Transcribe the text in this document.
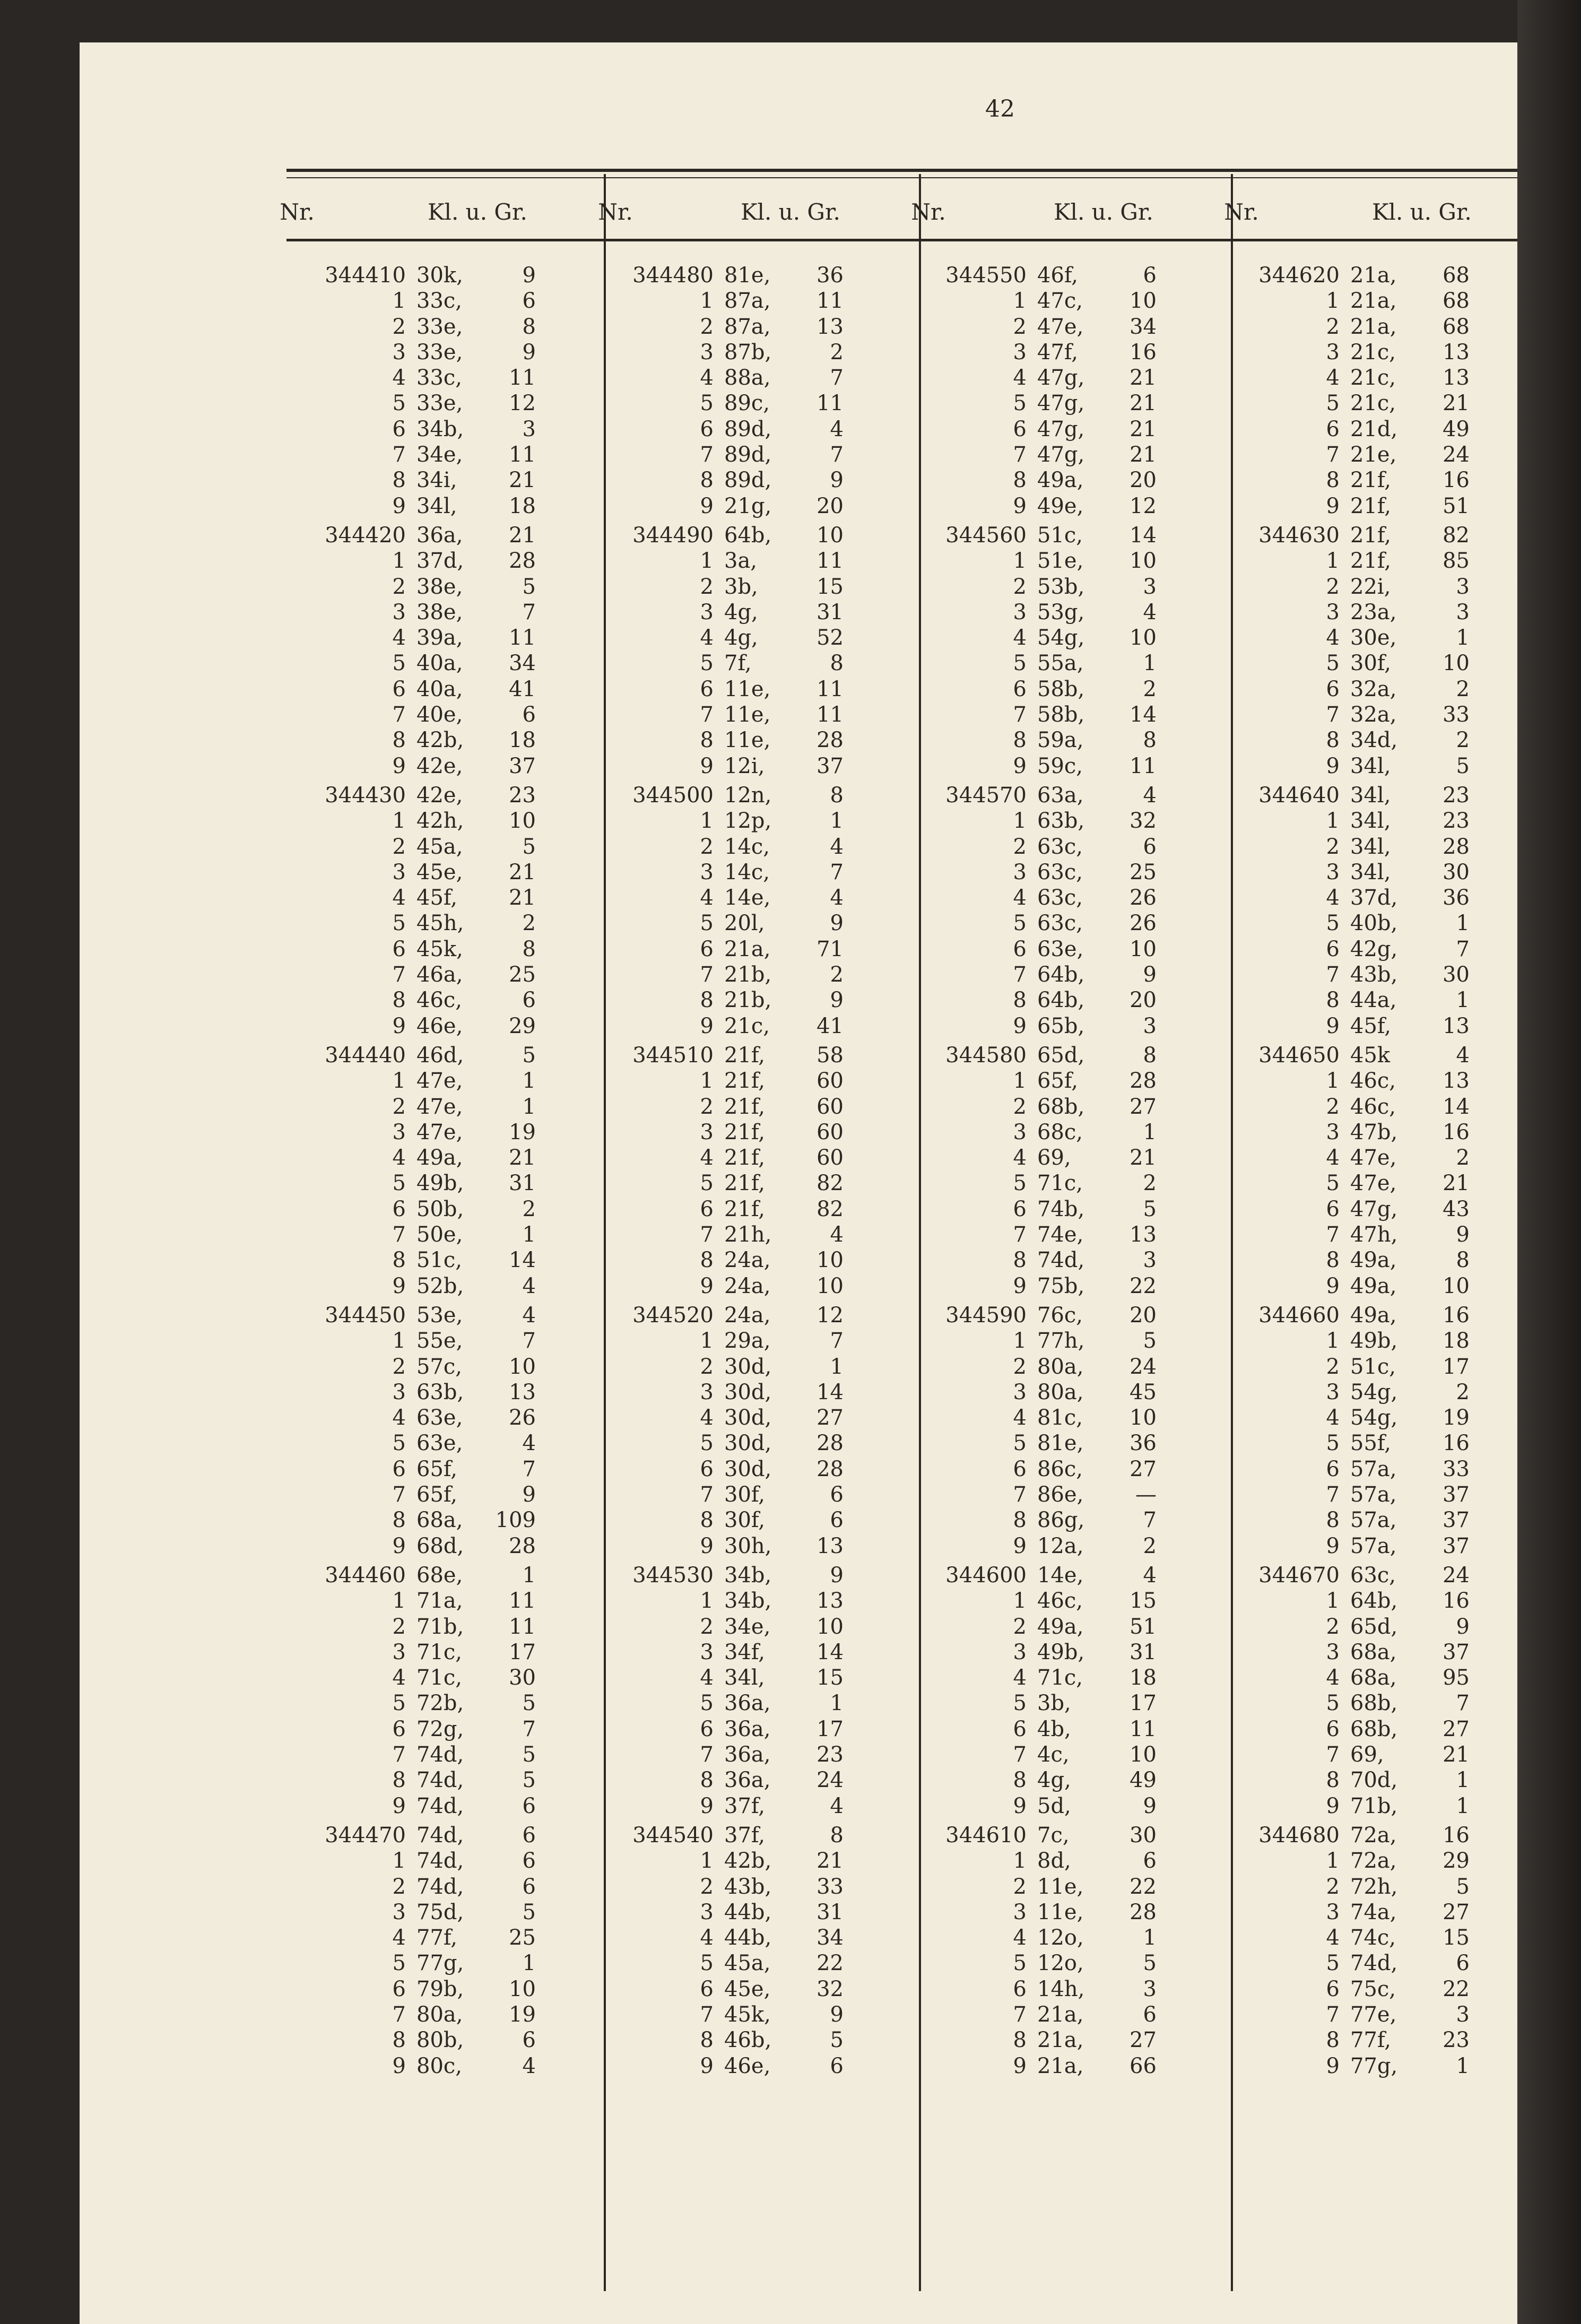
42
Nr.	Kl. u. Gr.	Nr.	Kl. u. Gr.	Nr.	Kl. u. Gr.	Nr.	Kl. u. Gr.
344410 30k,	9
1 33c,	6
2 33e,	8
3 33e,	9
4 33c,	11
5 33e,	12
6 34b,	3
7 34e,	11
8 34i,	21
9 34l,	18
344420 36a,	21
1 37d,	28
2 38e,	5
3 38e,	7
4 39a,	11
5 40a,	34
6 40a,	41
7 40e,	6
8 42b,	18
9 42e,	37
344430 42e,	23
1 42h,	10
2 45a,	5
3 45e,	21
4 45f,	21
5 45h,	2
6 45k,	8
7 46a,	25
8 46c,	6
9 46e,	29
344440 46d,	5
1 47e,	1
2 47e,	1
3 47e,	19
4 49a,	21
5 49b,	31
6 50b,	2
7 50e,	1
8 51c,	14
9 52b,	4
344450 53e,	4
1 55e,	7
2 57c,	10
3 63b,	13
4 63e,	26
5 63e,	4
6 65f,	7
7 65f,	9
8 68a,	109
9 68d,	28
344460 68e,	1
1 71a,	11
2 71b,	11
3 71c,	17
4 71c,	30
5 72b,	5
6 72g,	7
7 74d,	5
8 74d,	5
9 74d,	6
344470 74d,	6
1 74d,	6
2 74d,	6
3 75d,	5
4 77f,	25
5 77g,	1
6 79b,	10
7 80a,	19
8 80b,	6
9 80c,	4
344480 81e,	36
1 87a,	11
2 87a,	13
3 87b,	2
4 88a,	7
5 89c,	11
6 89d,	4
7 89d,	7
8 89d,	9
9 21g,	20
344490 64b,	10
1 3a,	11
2 3b,	15
3 4g,	31
4 4g,	52
5 7f,	8
6 11e,	11
7 11e,	11
8 11e,	28
9 12i,	37
344500 12n,	8
1 12p,	1
2 14c,	4
3 14c,	7
4 14e,	4
5 20l,	9
6 21a,	71
7 21b,	2
8 21b,	9
9 21c,	41
344510 21f,	58
1 21f,	60
2 21f,	60
3 21f,	60
4 21f,	60
5 21f,	82
6 21f,	82
7 21h,	4
8 24a,	10
9 24a,	10
344520 24a,	12
1 29a,	7
2 30d,	1
3 30d,	14
4 30d,	27
5 30d,	28
6 30d,	28
7 30f,	6
8 30f,	6
9 30h,	13
344530 34b,	9
1 34b,	13
2 34e,	10
3 34f,	14
4 34l,	15
5 36a,	1
6 36a,	17
7 36a,	23
8 36a,	24
9 37f,	4
344540 37f,	8
1 42b,	21
2 43b,	33
3 44b,	31
4 44b,	34
5 45a,	22
6 45e,	32
7 45k,	9
8 46b,	5
9 46e,	6
344550 46f,	6
1 47c,	10
2 47e,	34
3 47f,	16
4 47g,	21
5 47g,	21
6 47g,	21
7 47g,	21
8 49a,	20
9 49e,	12
344560 51c,	14
1 51e,	10
2 53b,	3
3 53g,	4
4 54g,	10
5 55a,	1
6 58b,	2
7 58b,	14
8 59a,	8
9 59c,	11
344570 63a,	4
1 63b,	32
2 63c,	6
3 63c,	25
4 63c,	26
5 63c,	26
6 63e,	10
7 64b,	9
8 64b,	20
9 65b,	3
344580 65d,	8
1 65f,	28
2 68b,	27
3 68c,	1
4 69,	21
5 71c,	2
6 74b,	5
7 74e,	13
8 74d,	3
9 75b,	22
344590 76c,	20
1 77h,	5
2 80a,	24
3 80a,	45
4 81c,	10
5 81e,	36
6 86c,	27
7 86e,	—
8 86g,	7
9 12a,	2
344600 14e,	4
1 46c,	15
2 49a,	51
3 49b,	31
4 71c,	18
5 3b,	17
6 4b,	11
7 4c,	10
8 4g,	49
9 5d,	9
344610 7c,	30
1 8d,	6
2 11e,	22
3 11e,	28
4 12o,	1
5 12o,	5
6 14h,	3
7 21a,	6
8 21a,	27
9 21a,	66
344620 21a,	68
1 21a,	68
2 21a,	68
3 21c,	13
4 21c,	13
5 21c,	21
6 21d,	49
7 21e,	24
8 21f,	16
9 21f,	51
344630 21f,	82
1 21f,	85
2 22i,	3
3 23a,	3
4 30e,	1
5 30f,	10
6 32a,	2
7 32a,	33
8 34d,	2
9 34l,	5
344640 34l,	23
1 34l,	23
2 34l,	28
3 34l,	30
4 37d,	36
5 40b,	1
6 42g,	7
7 43b,	30
8 44a,	1
9 45f,	13
344650 45k	4
1 46c,	13
2 46c,	14
3 47b,	16
4 47e,	2
5 47e,	21
6 47g,	43
7 47h,	9
8 49a,	8
9 49a,	10
344660 49a,	16
1 49b,	18
2 51c,	17
3 54g,	2
4 54g,	19
5 55f,	16
6 57a,	33
7 57a,	37
8 57a,	37
9 57a,	37
344670 63c,	24
1 64b,	16
2 65d,	9
3 68a,	37
4 68a,	95
5 68b,	7
6 68b,	27
7 69,	21
8 70d,	1
9 71b,	1
344680 72a,	16
1 72a,	29
2 72h,	5
3 74a,	27
4 74c,	15
5 74d,	6
6 75c,	22
7 77e,	3
8 77f,	23
9 77g,	1
